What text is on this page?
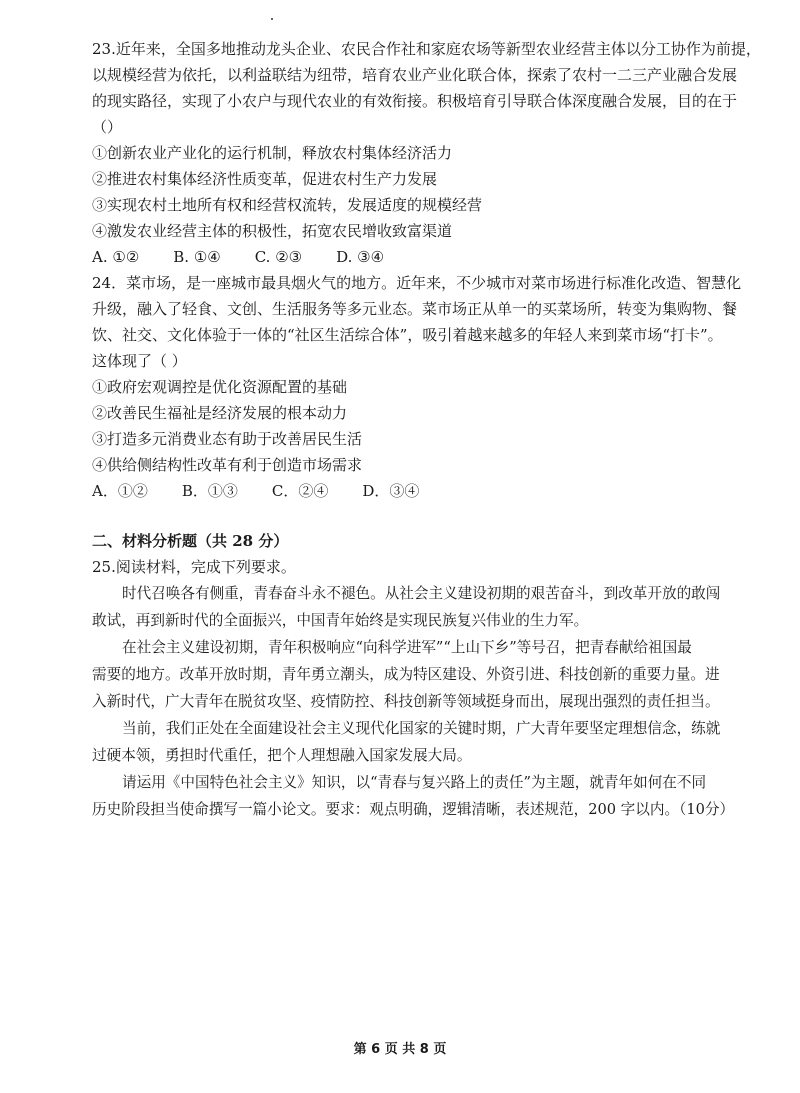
23.近年来，全国多地推动龙头企业、农民合作社和家庭农场等新型农业经营主体以分工协作为前提，
以规模经营为依托，以利益联结为纽带，培育农业产业化联合体，探索了农村一二三产业融合发展
的现实路径，实现了小农户与现代农业的有效衔接。积极培育引导联合体深度融合发展，目的在于
（）
①创新农业产业化的运行机制，释放农村集体经济活力
②推进农村集体经济性质变革，促进农村生产力发展
③实现农村土地所有权和经营权流转，发展适度的规模经营
④激发农业经营主体的积极性，拓宽农民增收致富渠道
A. ①② B. ①④ C. ②③ D. ③④
24．菜市场，是一座城市最具烟火气的地方。近年来，不少城市对菜市场进行标准化改造、智慧化
升级，融入了轻食、文创、生活服务等多元业态。菜市场正从单一的买菜场所，转变为集购物、餐
饮、社交、文化体验于一体的“社区生活综合体”，吸引着越来越多的年轻人来到菜市场“打卡”。
这体现了（ ）
①政府宏观调控是优化资源配置的基础
②改善民生福祉是经济发展的根本动力
③打造多元消费业态有助于改善居民生活
④供给侧结构性改革有利于创造市场需求
A．①② B．①③ C．②④ D．③④
二、材料分析题（共 28 分）
25.阅读材料，完成下列要求。

时代召唤各有侧重，青春奋斗永不褪色。从社会主义建设初期的艰苦奋斗，到改革开放的敢闯

敢试，再到新时代的全面振兴，中国青年始终是实现民族复兴伟业的生力军。

在社会主义建设初期，青年积极响应“向科学进军”“上山下乡”等号召，把青春献给祖国最

需要的地方。改革开放时期，青年勇立潮头，成为特区建设、外资引进、科技创新的重要力量。进

入新时代，广大青年在脱贫攻坚、疫情防控、科技创新等领域挺身而出，展现出强烈的责任担当。

当前，我们正处在全面建设社会主义现代化国家的关键时期，广大青年要坚定理想信念，练就

过硬本领，勇担时代重任，把个人理想融入国家发展大局。

请运用《中国特色社会主义》知识，以“青春与复兴路上的责任”为主题，就青年如何在不同

历史阶段担当使命撰写一篇小论文。要求：观点明确，逻辑清晰，表述规范，200 字以内。（10分）

第 6 页 共 8 页
